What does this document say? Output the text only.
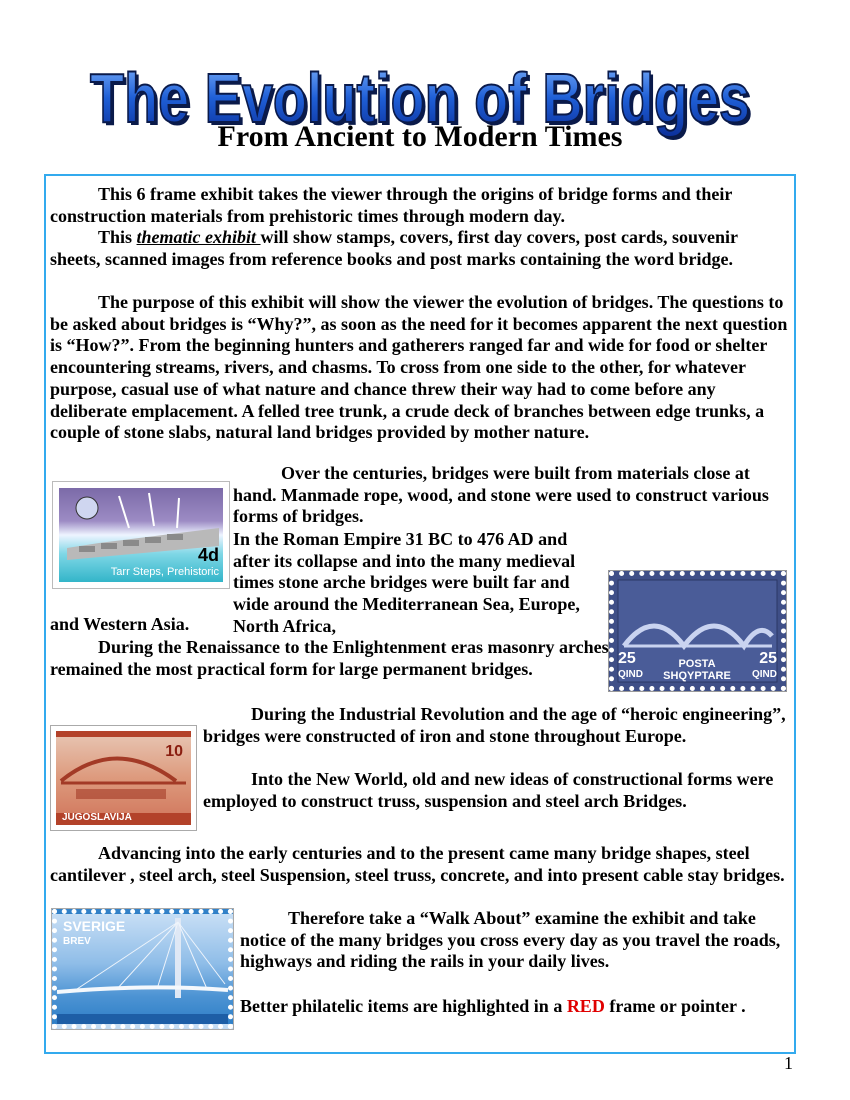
The Evolution of Bridges
The Evolution of Bridges
From Ancient to Modern Times
This 6 frame exhibit takes the viewer through the origins of bridge forms and their construction materials from prehistoric times through modern day.
This thematic exhibit will show stamps, covers, first day covers, post cards, souvenir sheets, scanned images from reference books and post marks containing the word bridge.
The purpose of this exhibit will show the viewer the evolution of bridges. The questions to be asked about bridges is “Why?”, as soon as the need for it becomes apparent the next question is “How?”. From the beginning hunters and gatherers ranged far and wide for food or shelter encountering streams, rivers, and chasms. To cross from one side to the other, for whatever purpose, casual use of what nature and chance threw their way had to come before any deliberate emplacement. A felled tree trunk, a crude deck of branches between edge trunks, a couple of stone slabs, natural land bridges provided by mother nature.
4d
Tarr Steps, Prehistoric
Over the centuries, bridges were built from materials close at hand. Manmade rope, wood, and stone were used to construct various forms of bridges.
In the Roman Empire 31 BC to 476 AD and after its collapse and into the many medieval times stone arche bridges were built far and wide around the Mediterranean Sea, Europe, North Africa,
and Western Asia.
25
QIND
POSTA
SHQYPTARE
25
QIND
During the Renaissance to the Enlightenment eras masonry arches remained the most practical form for large permanent bridges.
10
JUGOSLAVIJA
During the Industrial Revolution and the age of “heroic engineering”, bridges were constructed of iron and stone throughout Europe.
Into the New World, old and new ideas of constructional forms were employed to construct truss, suspension and steel arch Bridges.
Advancing into the early centuries and to the present came many bridge shapes, steel cantilever , steel arch, steel Suspension, steel truss, concrete, and into present cable stay bridges.
SVERIGE
BREV
Therefore take a “Walk About” examine the exhibit and take notice of the many bridges you cross every day as you travel the roads, highways and riding the rails in your daily lives.
Better philatelic items are highlighted in a RED frame or pointer .
1
